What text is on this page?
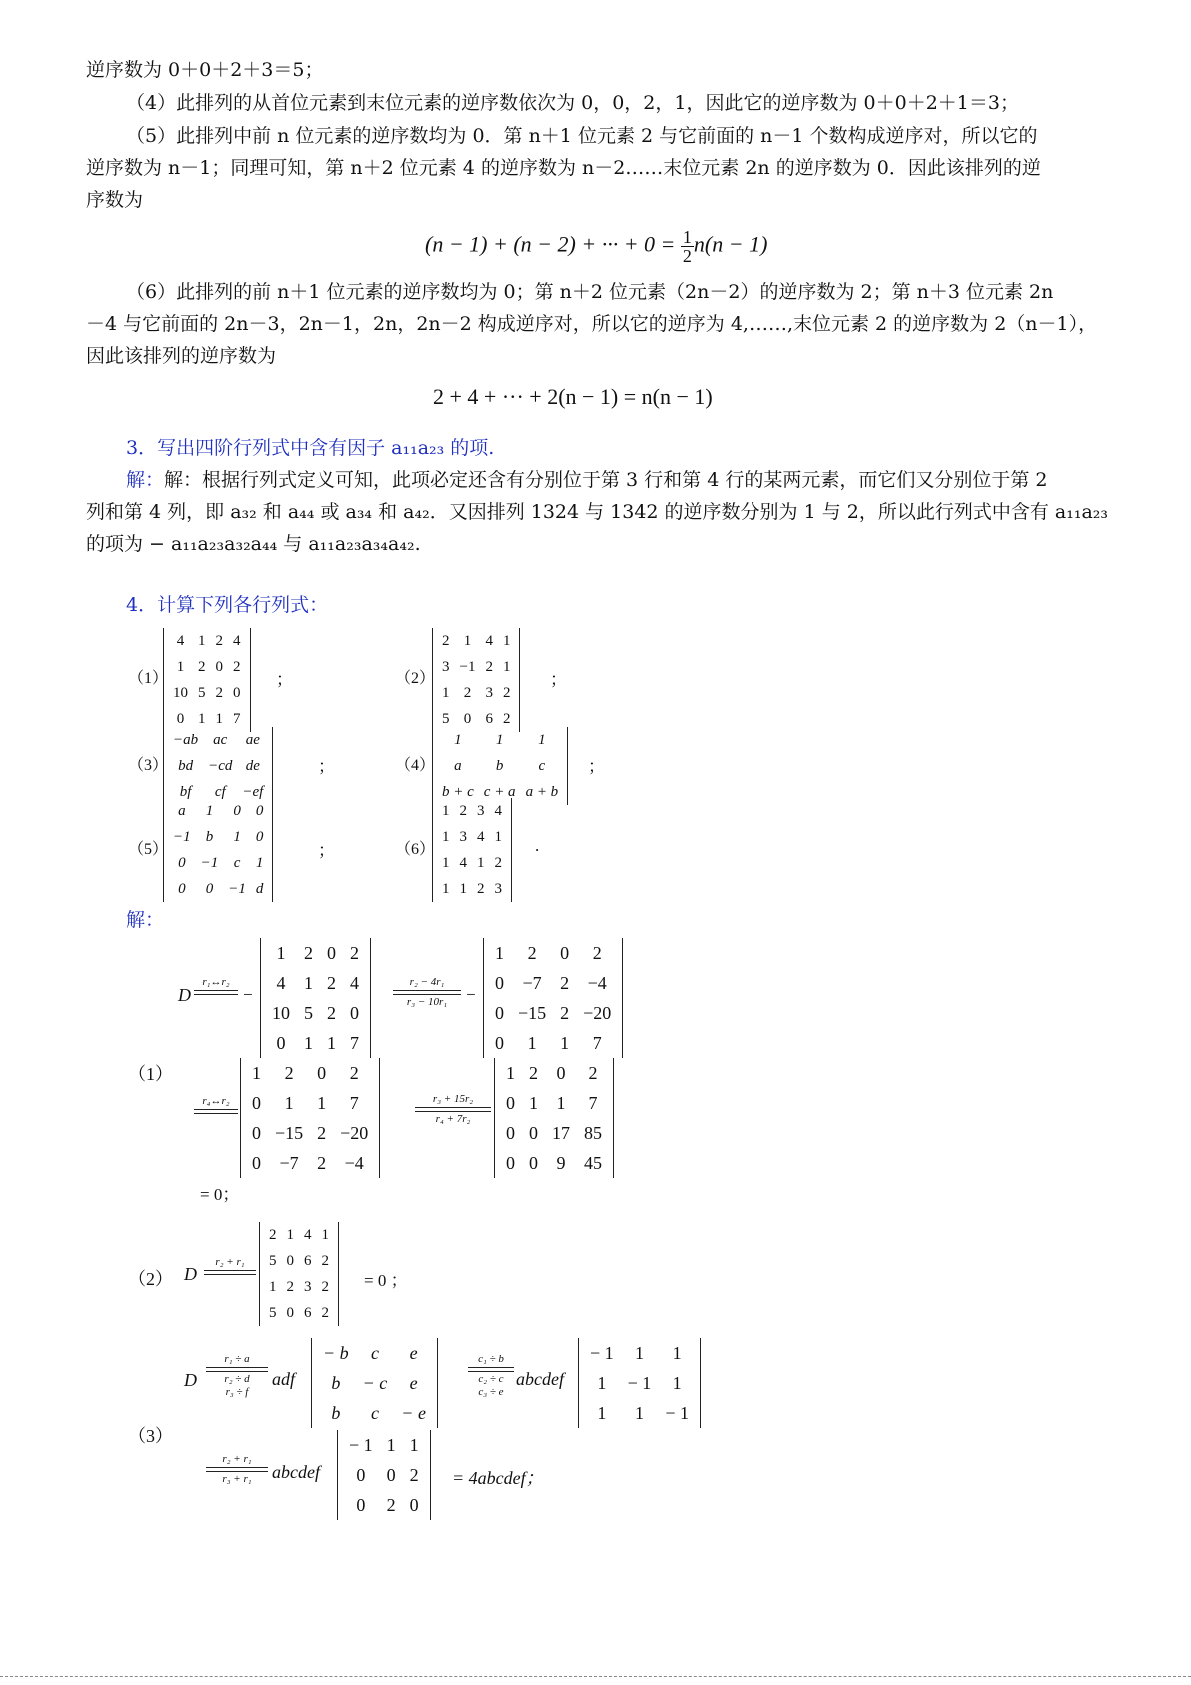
逆序数为 0＋0＋2＋3＝5；
（4）此排列的从首位元素到末位元素的逆序数依次为 0，0，2，1，因此它的逆序数为 0＋0＋2＋1＝3；
（5）此排列中前 n 位元素的逆序数均为 0．第 n＋1 位元素 2 与它前面的 n－1 个数构成逆序对，所以它的
逆序数为 n－1；同理可知，第 n＋2 位元素 4 的逆序数为 n－2……末位元素 2n 的逆序数为 0．因此该排列的逆
序数为
(n − 1) + (n − 2) + ··· + $0 = \frac{1}{2} n(n - 1)$
（6）此排列的前 n＋1 位元素的逆序数均为 0；第 n＋2 位元素（2n－2）的逆序数为 2；第 n＋3 位元素 2n
－4 与它前面的 2n－3，2n－1，2n，2n－2 构成逆序对，所以它的逆序为 4,……,末位元素 2 的逆序数为 2（n－1），
因此该排列的逆序数为
2 + 4 + ··· + 2(n − 1) = n(n − 1)
3．写出四阶行列式中含有因子 a₁₁a₂₃ 的项.
解：解：根据行列式定义可知，此项必定还含有分别位于第 3 行和第 4 行的某两元素，而它们又分别位于第 2
列和第 4 列，即 a₃₂ 和 a₄₄ 或 a₃₄ 和 a₄₂．又因排列 1324 与 1342 的逆序数分别为 1 与 2，所以此行列式中含有 a₁₁a₂₃
的项为 − a₁₁a₂₃a₃₂a₄₄ 与 a₁₁a₂₃a₃₄a₄₂.
4．计算下列各行列式：
（1）
4	1	2	4
1	2	0	2
10	5	2	0
0	1	1	7
；	（2）
2	1	4	1
3	−1	2	1
1	2	3	2
5	0	6	2
；
（3）
−ab	ac	ae
bd	−cd	de
bf	cf	−ef
；	（4）
1	1	1
a	b	c
b + c	c + a	a + b
；
（5）
a	1	0	0
−1	b	1	0
0	−1	c	1
0	0	−1	d
；	（6）
1	2	3	4
1	3	4	1
1	4	1	2
1	1	2	3
.
解：
（1）
D
r₁↔r₂
−
1	2	0	2
4	1	2	4
10	5	2	0
0	1	1	7
r₂ − 4r₁
r₃ − 10r₁	−
1	2	0	2
0	−7	2	−4
0	−15	2	−20
0	1	1	7
r₄↔r₂
1	2	0	2
0	1	1	7
0	−15	2	−20
0	−7	2	−4
r₃ + 15r₂
r₄ + 7r₂
1	2	0	2
0	1	1	7
0	0	17	85
0	0	9	45
= 0；
（2） D
r₂ + r₁
2	1	4	1
5	0	6	2
1	2	3	2
5	0	6	2
= 0 ；
（3）
D
r₁ ÷ a
r₂ ÷ d
r₃ ÷ f
adf
− b	c	e
b	− c	e
b	c	− e
c₁ ÷ b
c₂ ÷ c
c₃ ÷ e
abcdef
− 1	1	1
1	− 1	1
1	1	− 1
r₂ + r₁
r₃ + r₁	abcdef
− 1	1	1
0	0	2
0	2	0
= 4abcdef；
